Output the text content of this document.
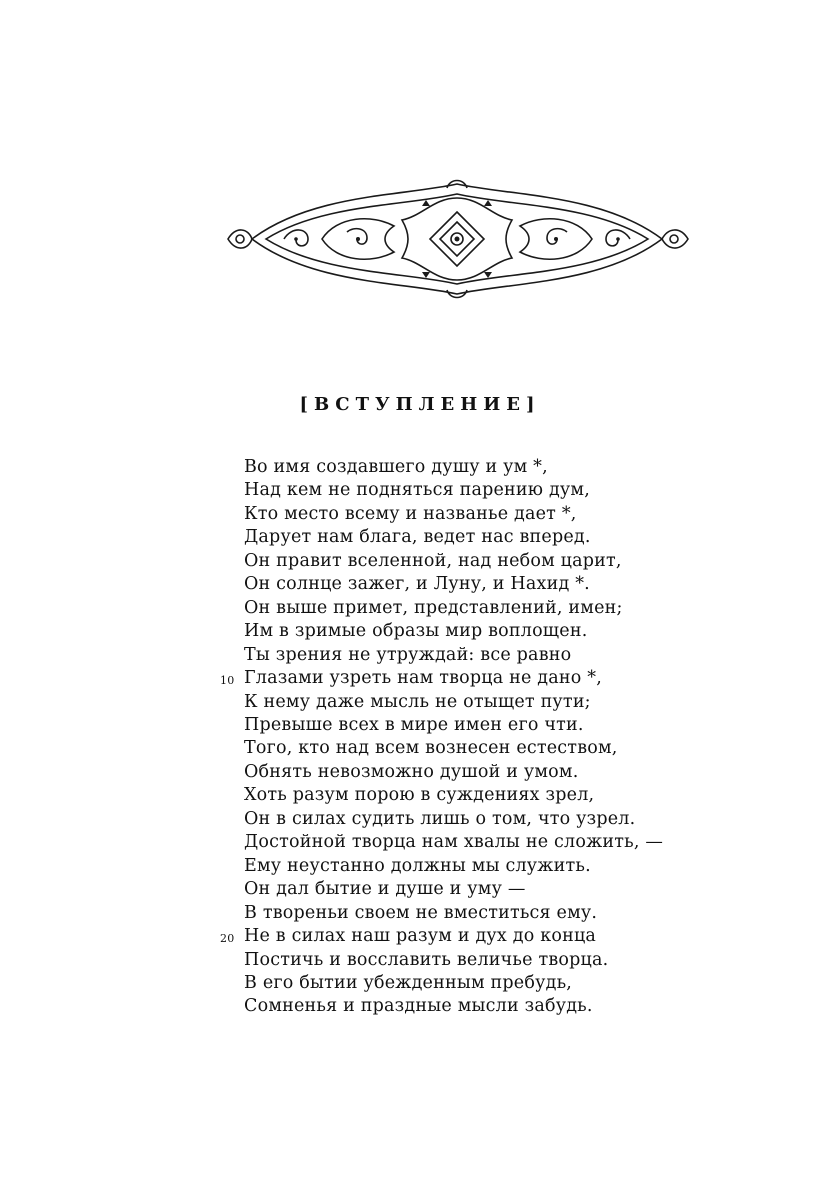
[ВСТУПЛЕНИЕ]
Во имя создавшего душу и ум *,
Над кем не подняться парению дум,
Кто место всему и названье дает *,
Дарует нам блага, ведет нас вперед.
Он правит вселенной, над небом царит,
Он солнце зажег, и Луну, и Нахид *.
Он выше примет, представлений, имен;
Им в зримые образы мир воплощен.
Ты зрения не утруждай: все равно
10 Глазами узреть нам творца не дано *,
К нему даже мысль не отыщет пути;
Превыше всех в мире имен его чти.
Того, кто над всем вознесен естеством,
Обнять невозможно душой и умом.
Хоть разум порою в суждениях зрел,
Он в силах судить лишь о том, что узрел.
Достойной творца нам хвалы не сложить, —
Ему неустанно должны мы служить.
Он дал бытие и душе и уму —
В твореньи своем не вместиться ему.
20 Не в силах наш разум и дух до конца
Постичь и восславить величье творца.
В его бытии убежденным пребудь,
Сомненья и праздные мысли забудь.
